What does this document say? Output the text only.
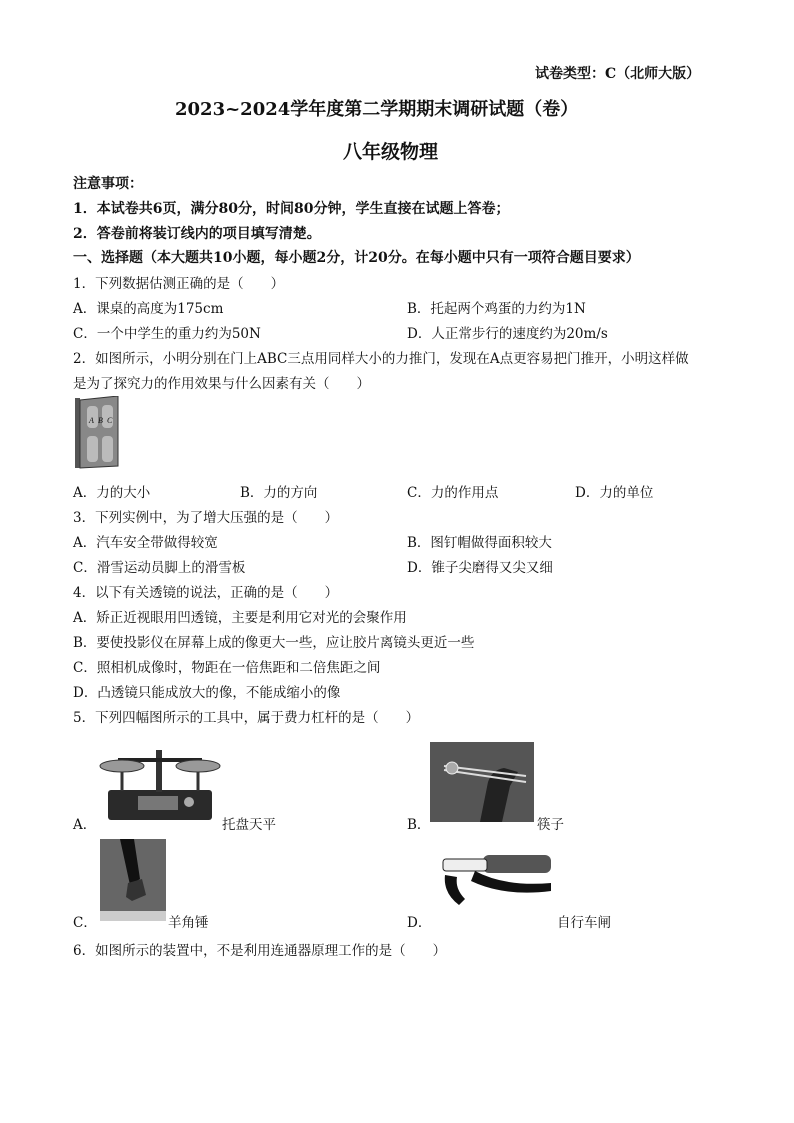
试卷类型：C（北师大版）
2023~2024学年度第二学期期末调研试题（卷）
八年级物理
注意事项：
1．本试卷共6页，满分80分，时间80分钟，学生直接在试题上答卷；
2．答卷前将装订线内的项目填写清楚。
一、选择题（本大题共10小题，每小题2分，计20分。在每小题中只有一项符合题目要求）
1．下列数据估测正确的是（　　）
A．课桌的高度为175cm	B．托起两个鸡蛋的力约为1N
C．一个中学生的重力约为50N	D．人正常步行的速度约为20m/s
2．如图所示，小明分别在门上ABC三点用同样大小的力推门，发现在A点更容易把门推开，小明这样做
是为了探究力的作用效果与什么因素有关（　　）
A B C
A．力的大小	B．力的方向	C．力的作用点	D．力的单位
3．下列实例中，为了增大压强的是（　　）
A．汽车安全带做得较宽	B．图钉帽做得面积较大
C．滑雪运动员脚上的滑雪板	D．锥子尖磨得又尖又细
4．以下有关透镜的说法，正确的是（　　）
A．矫正近视眼用凹透镜，主要是利用它对光的会聚作用
B．要使投影仪在屏幕上成的像更大一些，应让胶片离镜头更近一些
C．照相机成像时，物距在一倍焦距和二倍焦距之间
D．凸透镜只能成放大的像，不能成缩小的像
5．下列四幅图所示的工具中，属于费力杠杆的是（　　）
A．	托盘天平	B．	筷子
C．	羊角锤	D．	自行车闸
6．如图所示的装置中，不是利用连通器原理工作的是（　　）
